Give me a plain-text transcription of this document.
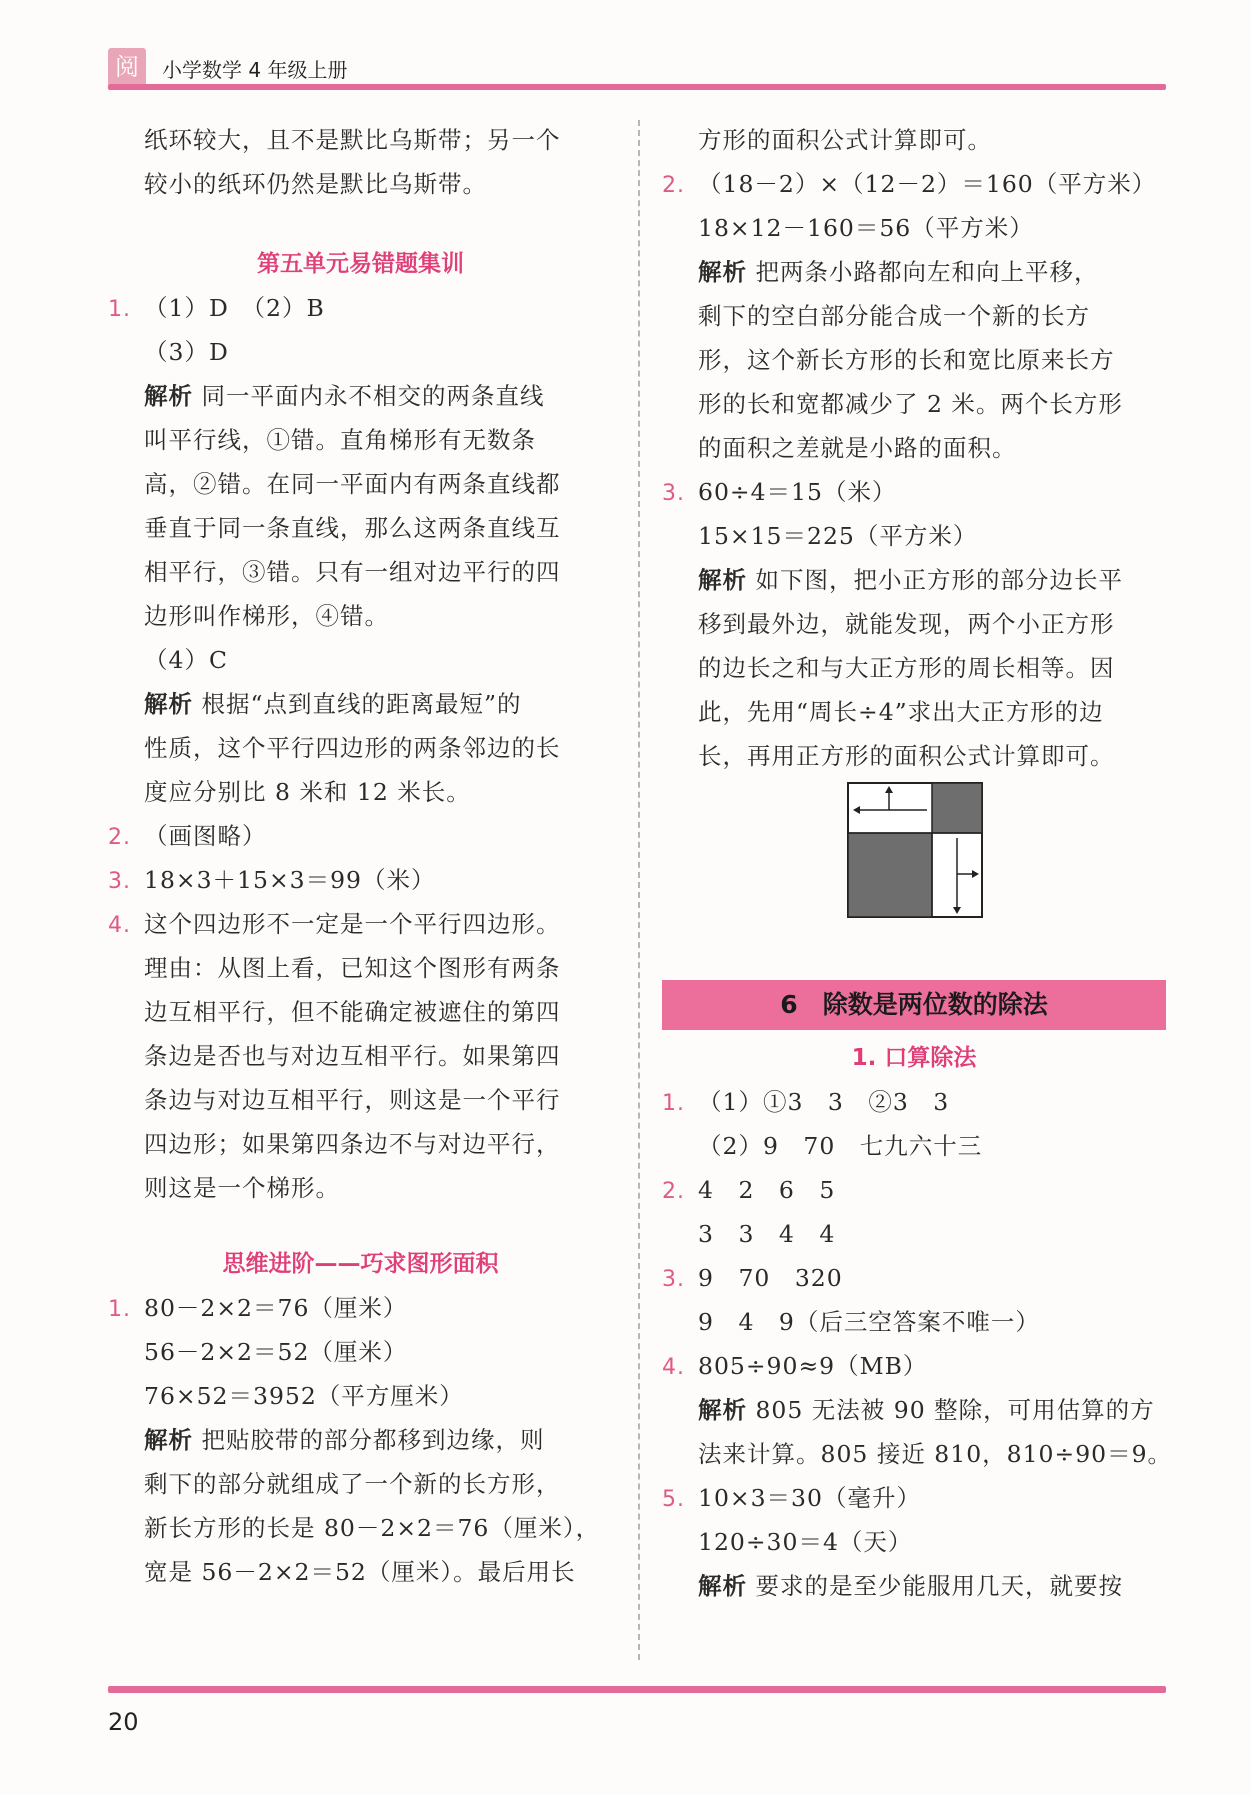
阅	小学数学 4 年级上册
纸环较大，且不是默比乌斯带；另一个
较小的纸环仍然是默比乌斯带。
第五单元易错题集训
1. （1）D　（2）B
（3）D
解析 同一平面内永不相交的两条直线
叫平行线，①错。直角梯形有无数条
高，②错。在同一平面内有两条直线都
垂直于同一条直线，那么这两条直线互
相平行，③错。只有一组对边平行的四
边形叫作梯形，④错。
（4）C
解析 根据“点到直线的距离最短”的
性质，这个平行四边形的两条邻边的长
度应分别比 8 米和 12 米长。
2. （画图略）
3. 18×3＋15×3＝99（米）
4. 这个四边形不一定是一个平行四边形。
理由：从图上看，已知这个图形有两条
边互相平行，但不能确定被遮住的第四
条边是否也与对边互相平行。如果第四
条边与对边互相平行，则这是一个平行
四边形；如果第四条边不与对边平行，
则这是一个梯形。
思维进阶——巧求图形面积
1. 80－2×2＝76（厘米）
56－2×2＝52（厘米）
76×52＝3952（平方厘米）
解析 把贴胶带的部分都移到边缘，则
剩下的部分就组成了一个新的长方形，
新长方形的长是 80－2×2＝76（厘米），
宽是 56－2×2＝52（厘米）。最后用长
方形的面积公式计算即可。
2. （18－2）×（12－2）＝160（平方米）
18×12－160＝56（平方米）
解析 把两条小路都向左和向上平移，
剩下的空白部分能合成一个新的长方
形，这个新长方形的长和宽比原来长方
形的长和宽都减少了 2 米。两个长方形
的面积之差就是小路的面积。
3. 60÷4＝15（米）
15×15＝225（平方米）
解析 如下图，把小正方形的部分边长平
移到最外边，就能发现，两个小正方形
的边长之和与大正方形的周长相等。因
此，先用“周长÷4”求出大正方形的边
长，再用正方形的面积公式计算即可。
6　除数是两位数的除法
1. 口算除法
1. （1）①3　3　②3　3
（2）9　70　七九六十三
2. 4　2　6　5
3　3　4　4
3. 9　70　320
9　4　9（后三空答案不唯一）
4. 805÷90≈9（MB）
解析 805 无法被 90 整除，可用估算的方
法来计算。805 接近 810，810÷90＝9。
5. 10×3＝30（毫升）
120÷30＝4（天）
解析 要求的是至少能服用几天，就要按
20
